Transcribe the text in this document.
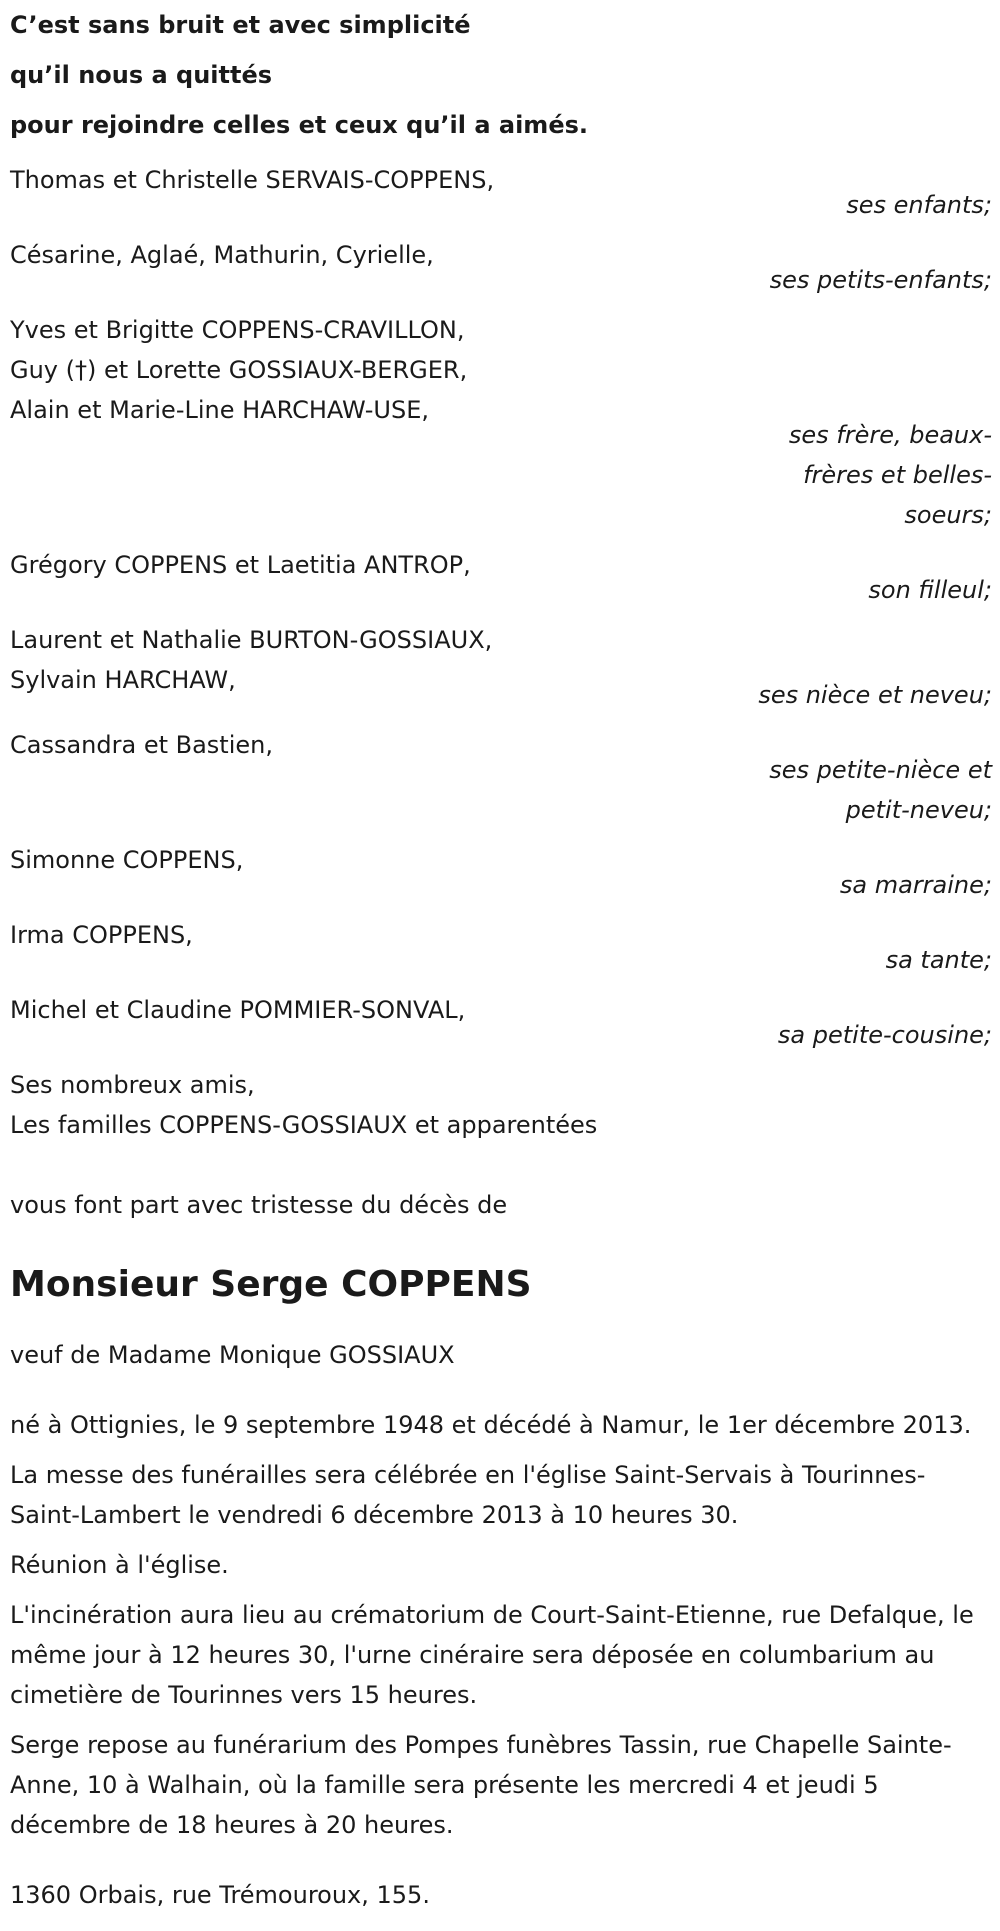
C’est sans bruit et avec simplicité

qu’il nous a quittés

pour rejoindre celles et ceux qu’il a aimés.

Thomas et Christelle SERVAIS-COPPENS,
ses enfants;
Césarine, Aglaé, Mathurin, Cyrielle,
ses petits-enfants;
Yves et Brigitte COPPENS-CRAVILLON,
Guy (†) et Lorette GOSSIAUX-BERGER,
Alain et Marie-Line HARCHAW-USE,
ses frère, beaux-frères et belles-soeurs;
Grégory COPPENS et Laetitia ANTROP,
son filleul;
Laurent et Nathalie BURTON-GOSSIAUX,
Sylvain HARCHAW,
ses nièce et neveu;
Cassandra et Bastien,
ses petite-nièce et petit-neveu;
Simonne COPPENS,
sa marraine;
Irma COPPENS,
sa tante;
Michel et Claudine POMMIER-SONVAL,
sa petite-cousine;
Ses nombreux amis,
Les familles COPPENS-GOSSIAUX et apparentées
vous font part avec tristesse du décès de
Monsieur Serge COPPENS
veuf de Madame Monique GOSSIAUX

né à Ottignies, le 9 septembre 1948 et décédé à Namur, le 1er décembre 2013.

La messe des funérailles sera célébrée en l'église Saint-Servais à Tourinnes-Saint-Lambert le vendredi 6 décembre 2013 à 10 heures 30.

Réunion à l'église.

L'incinération aura lieu au crématorium de Court-Saint-Etienne, rue Defalque, le même jour à 12 heures 30, l'urne cinéraire sera déposée en columbarium au cimetière de Tourinnes vers 15 heures.

Serge repose au funérarium des Pompes funèbres Tassin, rue Chapelle Sainte-Anne, 10 à Walhain, où la famille sera présente les mercredi 4 et jeudi 5 décembre de 18 heures à 20 heures.

1360 Orbais, rue Trémouroux, 155.
